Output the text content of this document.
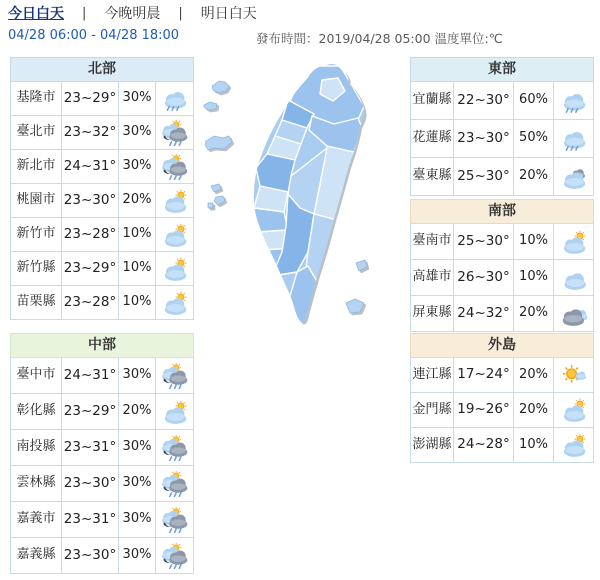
今日白天 | 今晚明晨 | 明日白天
04/28 06:00 - 04/28 18:00	發布時間：2019/04/28 05:00 溫度單位:℃
北部			
基隆市	23~29°	30%	
臺北市	23~32°	30%	
新北市	24~31°	30%	
桃園市	23~30°	20%	
新竹市	23~28°	10%	
新竹縣	23~29°	10%	
苗栗縣	23~28°	10%	
中部			
臺中市	24~31°	30%	
彰化縣	23~29°	20%	
南投縣	23~31°	30%	
雲林縣	23~30°	30%	
嘉義市	23~31°	30%	
嘉義縣	23~30°	30%	
東部			
宜蘭縣	22~30°	60%	
花蓮縣	23~30°	50%	
臺東縣	25~30°	20%	
南部			
臺南市	25~30°	10%	
高雄市	26~30°	10%	
屏東縣	24~32°	20%	
外島			
連江縣	17~24°	20%	
金門縣	19~26°	20%	
澎湖縣	24~28°	10%	
